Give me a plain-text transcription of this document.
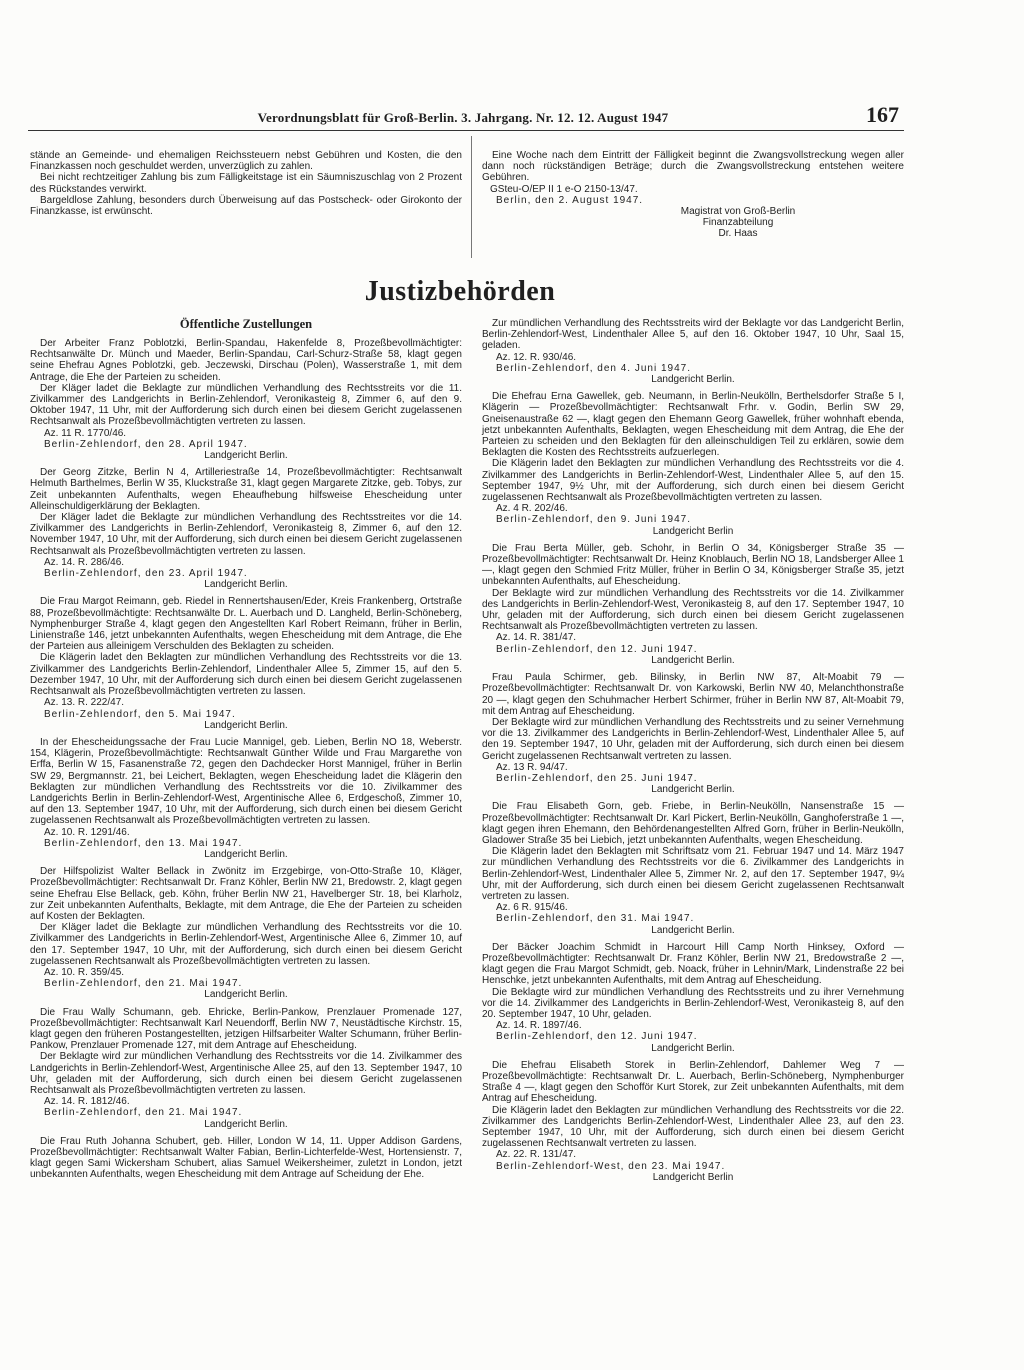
Verordnungsblatt für Groß-Berlin. 3. Jahrgang. Nr. 12. 12. August 1947	167

stände an Gemeinde- und ehemaligen Reichssteuern nebst Gebühren und Kosten, die den Finanzkassen noch geschuldet werden, unverzüglich zu zahlen.

Bei nicht rechtzeitiger Zahlung bis zum Fälligkeitstage ist ein Säumniszuschlag von 2 Prozent des Rückstandes verwirkt.

Bargeldlose Zahlung, besonders durch Überweisung auf das Postscheck- oder Girokonto der Finanzkasse, ist erwünscht.

Eine Woche nach dem Eintritt der Fälligkeit beginnt die Zwangsvollstreckung wegen aller dann noch rückständigen Beträge; durch die Zwangsvollstreckung entstehen weitere Gebühren.

GSteu-O/EP II 1 e-O 2150-13/47.
Berlin, den 2. August 1947.
Magistrat von Groß-Berlin
Finanzabteilung
Dr. Haas
Justizbehörden
Öffentliche Zustellungen

Der Arbeiter Franz Poblotzki, Berlin-Spandau, Hakenfelde 8, Prozeßbevollmächtigter: Rechtsanwälte Dr. Münch und Maeder, Berlin-Spandau, Carl-Schurz-Straße 58, klagt gegen seine Ehefrau Agnes Poblotzki, geb. Jeczewski, Dirschau (Polen), Wasserstraße 1, mit dem Antrage, die Ehe der Parteien zu scheiden.

Der Kläger ladet die Beklagte zur mündlichen Verhandlung des Rechtsstreits vor die 11. Zivilkammer des Landgerichts in Berlin-Zehlendorf, Veronikasteig 8, Zimmer 6, auf den 9. Oktober 1947, 11 Uhr, mit der Aufforderung sich durch einen bei diesem Gericht zugelassenen Rechtsanwalt als Prozeßbevollmächtigten vertreten zu lassen.

Az. 11 R. 1770/46.
Berlin-Zehlendorf, den 28. April 1947.
Landgericht Berlin.

Der Georg Zitzke, Berlin N 4, Artilleriestraße 14, Prozeßbevollmächtigter: Rechtsanwalt Helmuth Barthelmes, Berlin W 35, Kluckstraße 31, klagt gegen Margarete Zitzke, geb. Tobys, zur Zeit unbekannten Aufenthalts, wegen Eheaufhebung hilfsweise Ehescheidung unter Alleinschuldigerklärung der Beklagten.

Der Kläger ladet die Beklagte zur mündlichen Verhandlung des Rechtsstreites vor die 14. Zivilkammer des Landgerichts in Berlin-Zehlendorf, Veronikasteig 8, Zimmer 6, auf den 12. November 1947, 10 Uhr, mit der Aufforderung, sich durch einen bei diesem Gericht zugelassenen Rechtsanwalt als Prozeßbevollmächtigten vertreten zu lassen.

Az. 14. R. 286/46.
Berlin-Zehlendorf, den 23. April 1947.
Landgericht Berlin.

Die Frau Margot Reimann, geb. Riedel in Rennertshausen/Eder, Kreis Frankenberg, Ortstraße 88, Prozeßbevollmächtigte: Rechtsanwälte Dr. L. Auerbach und D. Langheld, Berlin-Schöneberg, Nymphenburger Straße 4, klagt gegen den Angestellten Karl Robert Reimann, früher in Berlin, Linienstraße 146, jetzt unbekannten Aufenthalts, wegen Ehescheidung mit dem Antrage, die Ehe der Parteien aus alleinigem Verschulden des Beklagten zu scheiden.

Die Klägerin ladet den Beklagten zur mündlichen Verhandlung des Rechtsstreits vor die 13. Zivilkammer des Landgerichts Berlin-Zehlendorf, Lindenthaler Allee 5, Zimmer 15, auf den 5. Dezember 1947, 10 Uhr, mit der Aufforderung sich durch einen bei diesem Gericht zugelassenen Rechtsanwalt als Prozeßbevollmächtigten vertreten zu lassen.

Az. 13. R. 222/47.
Berlin-Zehlendorf, den 5. Mai 1947.
Landgericht Berlin.

In der Ehescheidungssache der Frau Lucie Mannigel, geb. Lieben, Berlin NO 18, Weberstr. 154, Klägerin, Prozeßbevollmächtigte: Rechtsanwalt Günther Wilde und Frau Margarethe von Erffa, Berlin W 15, Fasanenstraße 72, gegen den Dachdecker Horst Mannigel, früher in Berlin SW 29, Bergmannstr. 21, bei Leichert, Beklagten, wegen Ehescheidung ladet die Klägerin den Beklagten zur mündlichen Verhandlung des Rechtsstreits vor die 10. Zivilkammer des Landgerichts Berlin in Berlin-Zehlendorf-West, Argentinische Allee 6, Erdgeschoß, Zimmer 10, auf den 13. September 1947, 10 Uhr, mit der Aufforderung, sich durch einen bei diesem Gericht zugelassenen Rechtsanwalt als Prozeßbevollmächtigten vertreten zu lassen.

Az. 10. R. 1291/46.
Berlin-Zehlendorf, den 13. Mai 1947.
Landgericht Berlin.

Der Hilfspolizist Walter Bellack in Zwönitz im Erzgebirge, von-Otto-Straße 10, Kläger, Prozeßbevollmächtigter: Rechtsanwalt Dr. Franz Köhler, Berlin NW 21, Bredowstr. 2, klagt gegen seine Ehefrau Else Bellack, geb. Köhn, früher Berlin NW 21, Havelberger Str. 18, bei Klarholz, zur Zeit unbekannten Aufenthalts, Beklagte, mit dem Antrage, die Ehe der Parteien zu scheiden auf Kosten der Beklagten.

Der Kläger ladet die Beklagte zur mündlichen Verhandlung des Rechtsstreits vor die 10. Zivilkammer des Landgerichts in Berlin-Zehlendorf-West, Argentinische Allee 6, Zimmer 10, auf den 17. September 1947, 10 Uhr, mit der Aufforderung, sich durch einen bei diesem Gericht zugelassenen Rechtsanwalt als Prozeßbevollmächtigten vertreten zu lassen.

Az. 10. R. 359/45.
Berlin-Zehlendorf, den 21. Mai 1947.
Landgericht Berlin.

Die Frau Wally Schumann, geb. Ehricke, Berlin-Pankow, Prenzlauer Promenade 127, Prozeßbevollmächtigter: Rechtsanwalt Karl Neuendorff, Berlin NW 7, Neustädtische Kirchstr. 15, klagt gegen den früheren Postangestellten, jetzigen Hilfsarbeiter Walter Schumann, früher Berlin-Pankow, Prenzlauer Promenade 127, mit dem Antrage auf Ehescheidung.

Der Beklagte wird zur mündlichen Verhandlung des Rechtsstreits vor die 14. Zivilkammer des Landgerichts in Berlin-Zehlendorf-West, Argentinische Allee 25, auf den 13. September 1947, 10 Uhr, geladen mit der Aufforderung, sich durch einen bei diesem Gericht zugelassenen Rechtsanwalt als Prozeßbevollmächtigten vertreten zu lassen.

Az. 14. R. 1812/46.
Berlin-Zehlendorf, den 21. Mai 1947.
Landgericht Berlin.

Die Frau Ruth Johanna Schubert, geb. Hiller, London W 14, 11. Upper Addison Gardens, Prozeßbevollmächtigter: Rechtsanwalt Walter Fabian, Berlin-Lichterfelde-West, Hortensienstr. 7, klagt gegen Sami Wickersham Schubert, alias Samuel Weikersheimer, zuletzt in London, jetzt unbekannten Aufenthalts, wegen Ehescheidung mit dem Antrage auf Scheidung der Ehe.

Zur mündlichen Verhandlung des Rechtsstreits wird der Beklagte vor das Landgericht Berlin, Berlin-Zehlendorf-West, Lindenthaler Allee 5, auf den 16. Oktober 1947, 10 Uhr, Saal 15, geladen.

Az. 12. R. 930/46.
Berlin-Zehlendorf, den 4. Juni 1947.
Landgericht Berlin.

Die Ehefrau Erna Gawellek, geb. Neumann, in Berlin-Neukölln, Berthelsdorfer Straße 5 I, Klägerin — Prozeßbevollmächtigter: Rechtsanwalt Frhr. v. Godin, Berlin SW 29, Gneisenaustraße 62 —, klagt gegen den Ehemann Georg Gawellek, früher wohnhaft ebenda, jetzt unbekannten Aufenthalts, Beklagten, wegen Ehescheidung mit dem Antrag, die Ehe der Parteien zu scheiden und den Beklagten für den alleinschuldigen Teil zu erklären, sowie dem Beklagten die Kosten des Rechtsstreits aufzuerlegen.

Die Klägerin ladet den Beklagten zur mündlichen Verhandlung des Rechtsstreits vor die 4. Zivilkammer des Landgerichts in Berlin-Zehlendorf-West, Lindenthaler Allee 5, auf den 15. September 1947, 9½ Uhr, mit der Aufforderung, sich durch einen bei diesem Gericht zugelassenen Rechtsanwalt als Prozeßbevollmächtigten vertreten zu lassen.

Az. 4 R. 202/46.
Berlin-Zehlendorf, den 9. Juni 1947.
Landgericht Berlin

Die Frau Berta Müller, geb. Schohr, in Berlin O 34, Königsberger Straße 35 — Prozeßbevollmächtigter: Rechtsanwalt Dr. Heinz Knoblauch, Berlin NO 18, Landsberger Allee 1 —, klagt gegen den Schmied Fritz Müller, früher in Berlin O 34, Königsberger Straße 35, jetzt unbekannten Aufenthalts, auf Ehescheidung.

Der Beklagte wird zur mündlichen Verhandlung des Rechtsstreits vor die 14. Zivilkammer des Landgerichts in Berlin-Zehlendorf-West, Veronikasteig 8, auf den 17. September 1947, 10 Uhr, geladen mit der Aufforderung, sich durch einen bei diesem Gericht zugelassenen Rechtsanwalt als Prozeßbevollmächtigten vertreten zu lassen.

Az. 14. R. 381/47.
Berlin-Zehlendorf, den 12. Juni 1947.
Landgericht Berlin.

Frau Paula Schirmer, geb. Bilinsky, in Berlin NW 87, Alt-Moabit 79 — Prozeßbevollmächtigter: Rechtsanwalt Dr. von Karkowski, Berlin NW 40, Melanchthonstraße 20 —, klagt gegen den Schuhmacher Herbert Schirmer, früher in Berlin NW 87, Alt-Moabit 79, mit dem Antrag auf Ehescheidung.

Der Beklagte wird zur mündlichen Verhandlung des Rechtsstreits und zu seiner Vernehmung vor die 13. Zivilkammer des Landgerichts in Berlin-Zehlendorf-West, Lindenthaler Allee 5, auf den 19. September 1947, 10 Uhr, geladen mit der Aufforderung, sich durch einen bei diesem Gericht zugelassenen Rechtsanwalt vertreten zu lassen.

Az. 13 R. 94/47.
Berlin-Zehlendorf, den 25. Juni 1947.
Landgericht Berlin.

Die Frau Elisabeth Gorn, geb. Friebe, in Berlin-Neukölln, Nansenstraße 15 — Prozeßbevollmächtigter: Rechtsanwalt Dr. Karl Pickert, Berlin-Neukölln, Ganghoferstraße 1 —, klagt gegen ihren Ehemann, den Behördenangestellten Alfred Gorn, früher in Berlin-Neukölln, Gladower Straße 35 bei Liebich, jetzt unbekannten Aufenthalts, wegen Ehescheidung.

Die Klägerin ladet den Beklagten mit Schriftsatz vom 21. Februar 1947 und 14. März 1947 zur mündlichen Verhandlung des Rechtsstreits vor die 6. Zivilkammer des Landgerichts in Berlin-Zehlendorf-West, Lindenthaler Allee 5, Zimmer Nr. 2, auf den 17. September 1947, 9¼ Uhr, mit der Aufforderung, sich durch einen bei diesem Gericht zugelassenen Rechtsanwalt vertreten zu lassen.

Az. 6 R. 915/46.
Berlin-Zehlendorf, den 31. Mai 1947.
Landgericht Berlin.

Der Bäcker Joachim Schmidt in Harcourt Hill Camp North Hinksey, Oxford — Prozeßbevollmächtigter: Rechtsanwalt Dr. Franz Köhler, Berlin NW 21, Bredowstraße 2 —, klagt gegen die Frau Margot Schmidt, geb. Noack, früher in Lehnin/Mark, Lindenstraße 22 bei Henschke, jetzt unbekannten Aufenthalts, mit dem Antrag auf Ehescheidung.

Die Beklagte wird zur mündlichen Verhandlung des Rechtsstreits und zu ihrer Vernehmung vor die 14. Zivilkammer des Landgerichts in Berlin-Zehlendorf-West, Veronikasteig 8, auf den 20. September 1947, 10 Uhr, geladen.

Az. 14. R. 1897/46.
Berlin-Zehlendorf, den 12. Juni 1947.
Landgericht Berlin.

Die Ehefrau Elisabeth Storek in Berlin-Zehlendorf, Dahlemer Weg 7 — Prozeßbevollmächtigte: Rechtsanwalt Dr. L. Auerbach, Berlin-Schöneberg, Nymphenburger Straße 4 —, klagt gegen den Schofför Kurt Storek, zur Zeit unbekannten Aufenthalts, mit dem Antrag auf Ehescheidung.

Die Klägerin ladet den Beklagten zur mündlichen Verhandlung des Rechtsstreits vor die 22. Zivilkammer des Landgerichts Berlin-Zehlendorf-West, Lindenthaler Allee 23, auf den 23. September 1947, 10 Uhr, mit der Aufforderung, sich durch einen bei diesem Gericht zugelassenen Rechtsanwalt vertreten zu lassen.

Az. 22. R. 131/47.
Berlin-Zehlendorf-West, den 23. Mai 1947.
Landgericht Berlin
